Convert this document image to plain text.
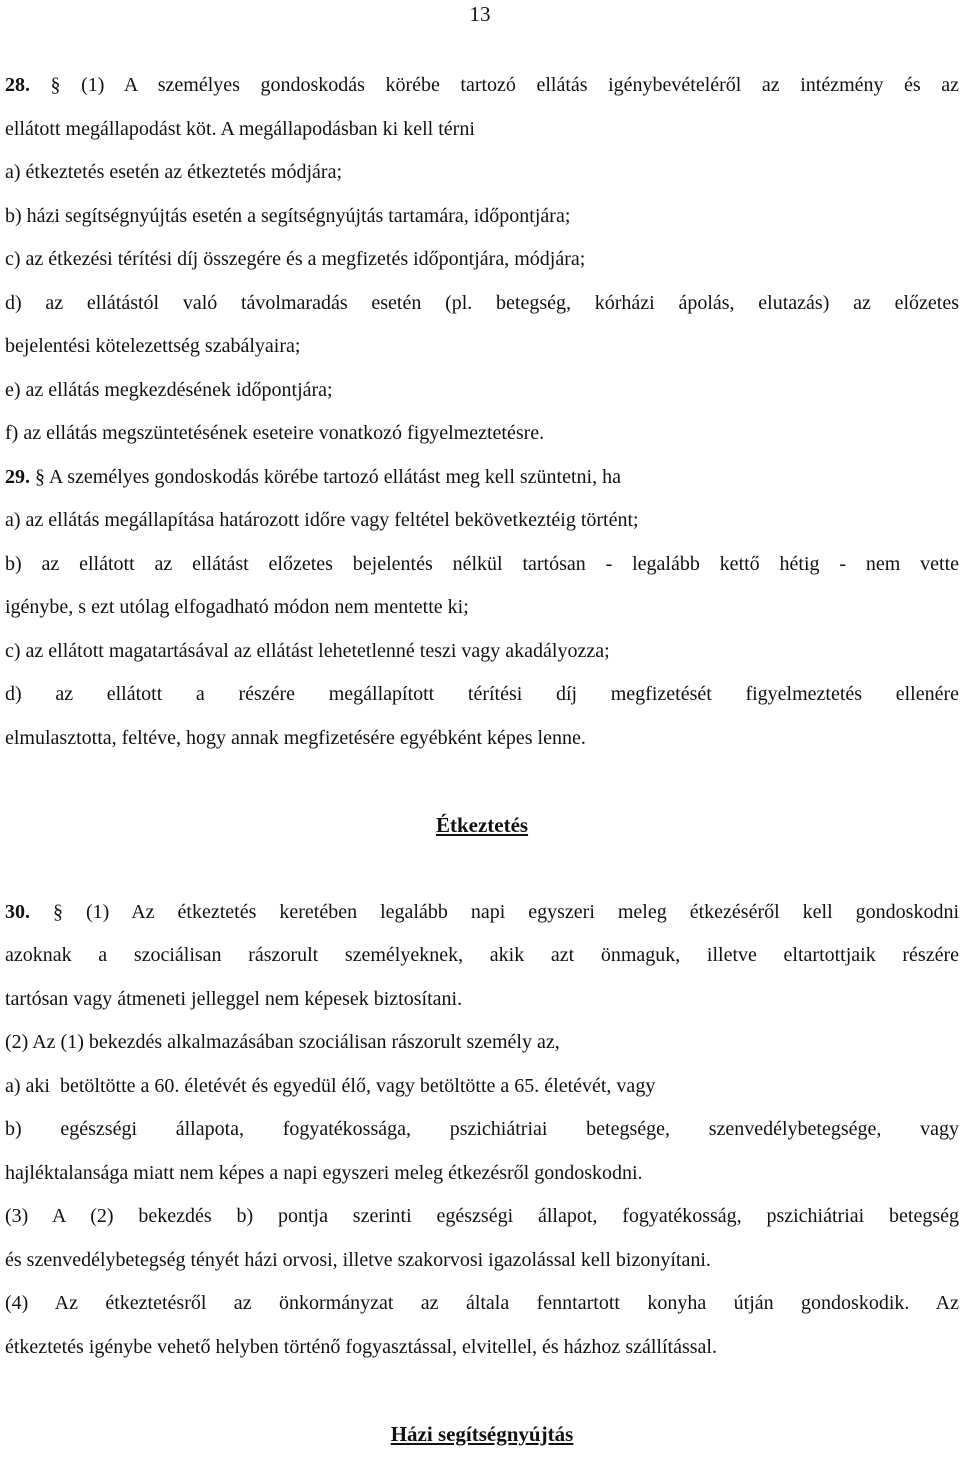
13
28. § (1) A személyes gondoskodás körébe tartozó ellátás igénybevételéről az intézmény és az
ellátott megállapodást köt. A megállapodásban ki kell térni
a) étkeztetés esetén az étkeztetés módjára;
b) házi segítségnyújtás esetén a segítségnyújtás tartamára, időpontjára;
c) az étkezési térítési díj összegére és a megfizetés időpontjára, módjára;
d) az ellátástól való távolmaradás esetén (pl. betegség, kórházi ápolás, elutazás) az előzetes
bejelentési kötelezettség szabályaira;
e) az ellátás megkezdésének időpontjára;
f) az ellátás megszüntetésének eseteire vonatkozó figyelmeztetésre.
29. § A személyes gondoskodás körébe tartozó ellátást meg kell szüntetni, ha
a) az ellátás megállapítása határozott időre vagy feltétel bekövetkeztéig történt;
b) az ellátott az ellátást előzetes bejelentés nélkül tartósan - legalább kettő hétig - nem vette
igénybe, s ezt utólag elfogadható módon nem mentette ki;
c) az ellátott magatartásával az ellátást lehetetlenné teszi vagy akadályozza;
d) az ellátott a részére megállapított térítési díj megfizetését figyelmeztetés ellenére
elmulasztotta, feltéve, hogy annak megfizetésére egyébként képes lenne.
Étkeztetés
30. § (1) Az étkeztetés keretében legalább napi egyszeri meleg étkezéséről kell gondoskodni
azoknak a szociálisan rászorult személyeknek, akik azt önmaguk, illetve eltartottjaik részére
tartósan vagy átmeneti jelleggel nem képesek biztosítani.
(2) Az (1) bekezdés alkalmazásában szociálisan rászorult személy az,
a) aki  betöltötte a 60. életévét és egyedül élő, vagy betöltötte a 65. életévét, vagy
b) egészségi állapota, fogyatékossága, pszichiátriai betegsége, szenvedélybetegsége, vagy
hajléktalansága miatt nem képes a napi egyszeri meleg étkezésről gondoskodni.
(3) A (2) bekezdés b) pontja szerinti egészségi állapot, fogyatékosság, pszichiátriai betegség
és szenvedélybetegség tényét házi orvosi, illetve szakorvosi igazolással kell bizonyítani.
(4) Az étkeztetésről az önkormányzat az általa fenntartott konyha útján gondoskodik. Az
étkeztetés igénybe vehető helyben történő fogyasztással, elvitellel, és házhoz szállítással.
Házi segítségnyújtás
